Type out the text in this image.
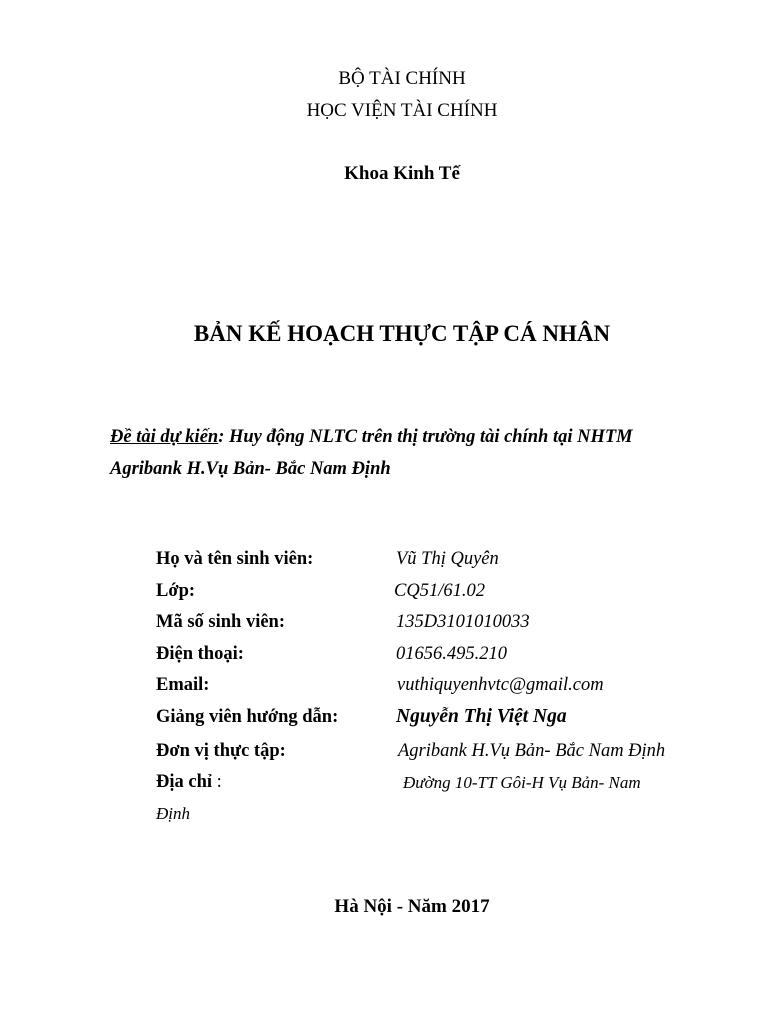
BỘ TÀI CHÍNH
HỌC VIỆN TÀI CHÍNH
Khoa Kinh Tế
BẢN KẾ HOẠCH THỰC TẬP CÁ NHÂN
Đề tài dự kiến: Huy động NLTC trên thị trường tài chính tại NHTM
Agribank H.Vụ Bản- Bắc Nam Định
Họ và tên sinh viên:	Vũ Thị Quyên
Lớp:	CQ51/61.02
Mã số sinh viên:	135D3101010033
Điện thoại:	01656.495.210
Email:	vuthiquyenhvtc@gmail.com
Giảng viên hướng dẫn:	Nguyễn Thị Việt Nga
Đơn vị thực tập:	Agribank H.Vụ Bản- Bắc Nam Định
Địa chỉ :	Đường 10-TT Gôi-H Vụ Bản- Nam
Định
Hà Nội - Năm 2017
